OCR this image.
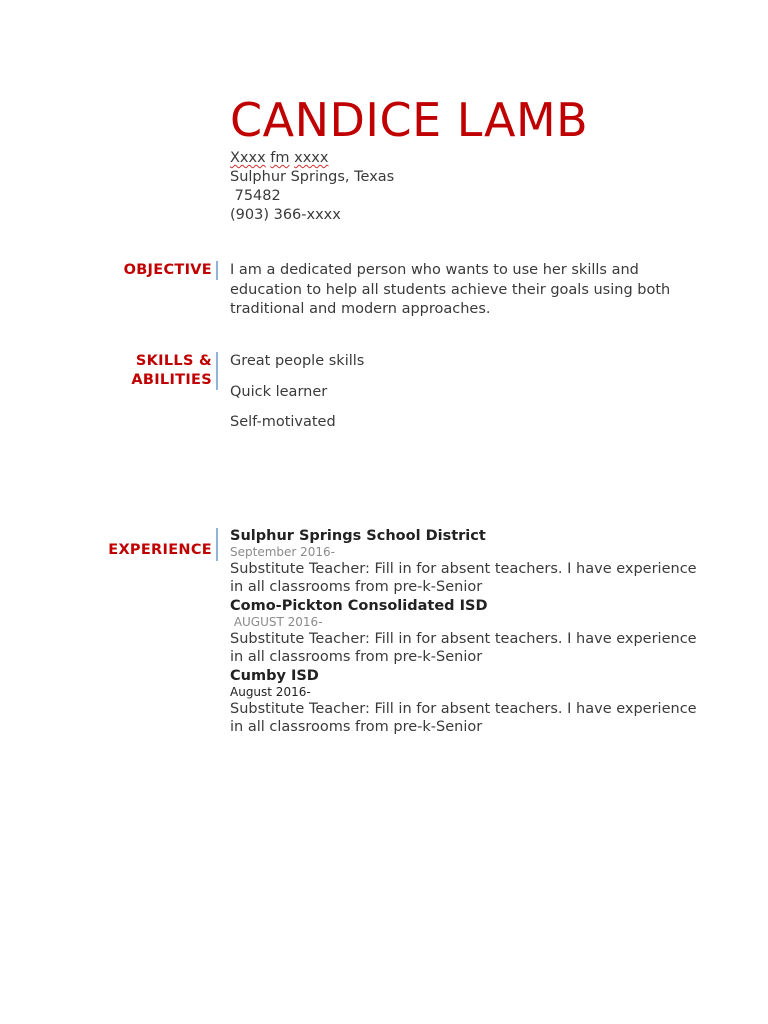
CANDICE LAMB
Xxxx fm xxxx
Sulphur Springs, Texas
75482
(903) 366-xxxx
OBJECTIVE I am a dedicated person who wants to use her skills and education to help all students achieve their goals using both traditional and modern approaches.
SKILLS &
ABILITIES
Great people skills
Quick learner
Self-motivated
EXPERIENCE
Sulphur Springs School District
September 2016-
Substitute Teacher: Fill in for absent teachers. I have experience in all classrooms from pre-k-Senior
Como-Pickton Consolidated ISD
AUGUST 2016-
Substitute Teacher: Fill in for absent teachers. I have experience in all classrooms from pre-k-Senior
Cumby ISD
August 2016-
Substitute Teacher: Fill in for absent teachers. I have experience in all classrooms from pre-k-Senior
